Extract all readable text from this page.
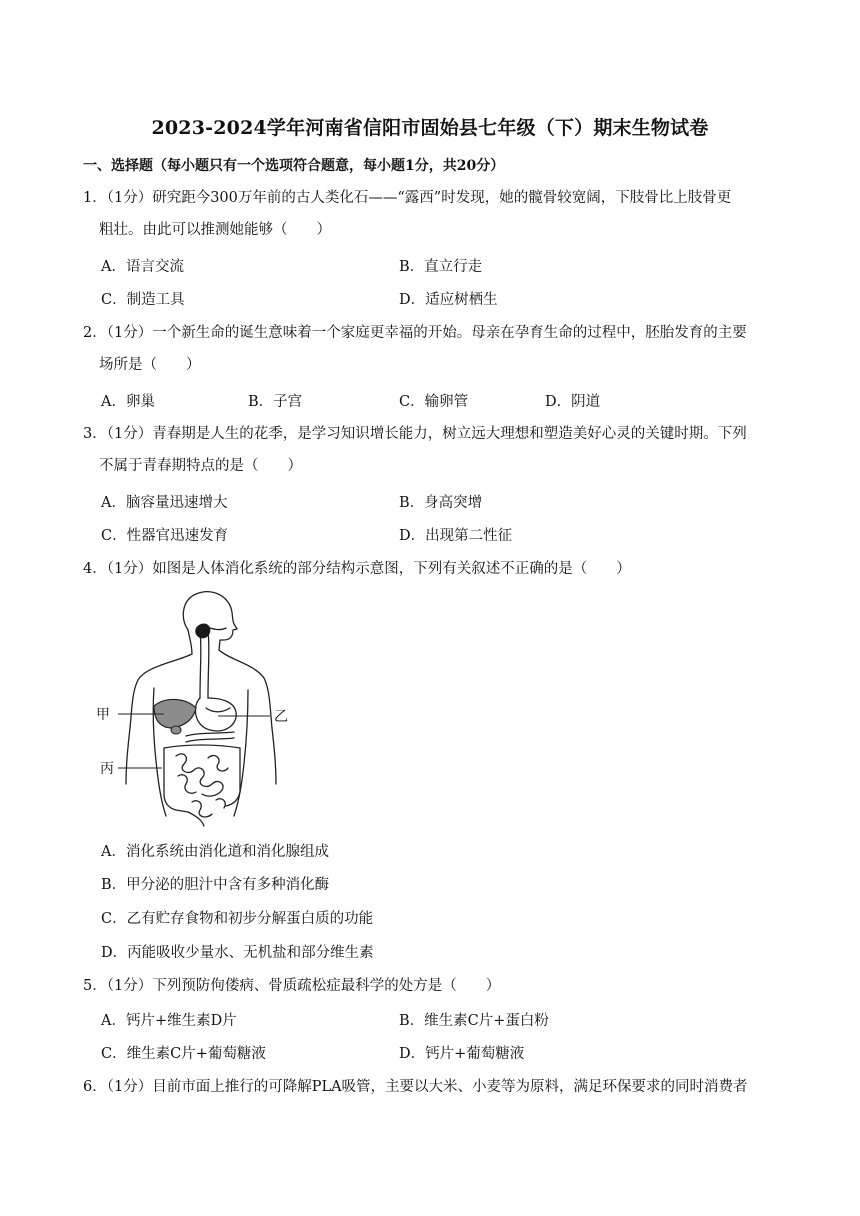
2023-2024学年河南省信阳市固始县七年级（下）期末生物试卷
一、选择题（每小题只有一个选项符合题意，每小题1分，共20分）
1．（1分）研究距今300万年前的古人类化石——“露西”时发现，她的髋骨较宽阔，下肢骨比上肢骨更
粗壮。由此可以推测她能够（　　）
A．语言交流	B．直立行走
C．制造工具	D．适应树栖生
2．（1分）一个新生命的诞生意味着一个家庭更幸福的开始。母亲在孕育生命的过程中，胚胎发育的主要
场所是（　　）
A．卵巢	B．子宫	C．输卵管	D．阴道
3．（1分）青春期是人生的花季，是学习知识增长能力，树立远大理想和塑造美好心灵的关键时期。下列
不属于青春期特点的是（　　）
A．脑容量迅速增大	B．身高突增
C．性器官迅速发育	D．出现第二性征
4．（1分）如图是人体消化系统的部分结构示意图，下列有关叙述不正确的是（　　）
甲	乙
丙
A．消化系统由消化道和消化腺组成
B．甲分泌的胆汁中含有多种消化酶
C．乙有贮存食物和初步分解蛋白质的功能
D．丙能吸收少量水、无机盐和部分维生素
5．（1分）下列预防佝偻病、骨质疏松症最科学的处方是（　　）
A．钙片+维生素D片	B．维生素C片+蛋白粉
C．维生素C片+葡萄糖液	D．钙片+葡萄糖液
6．（1分）目前市面上推行的可降解PLA吸管，主要以大米、小麦等为原料，满足环保要求的同时消费者
